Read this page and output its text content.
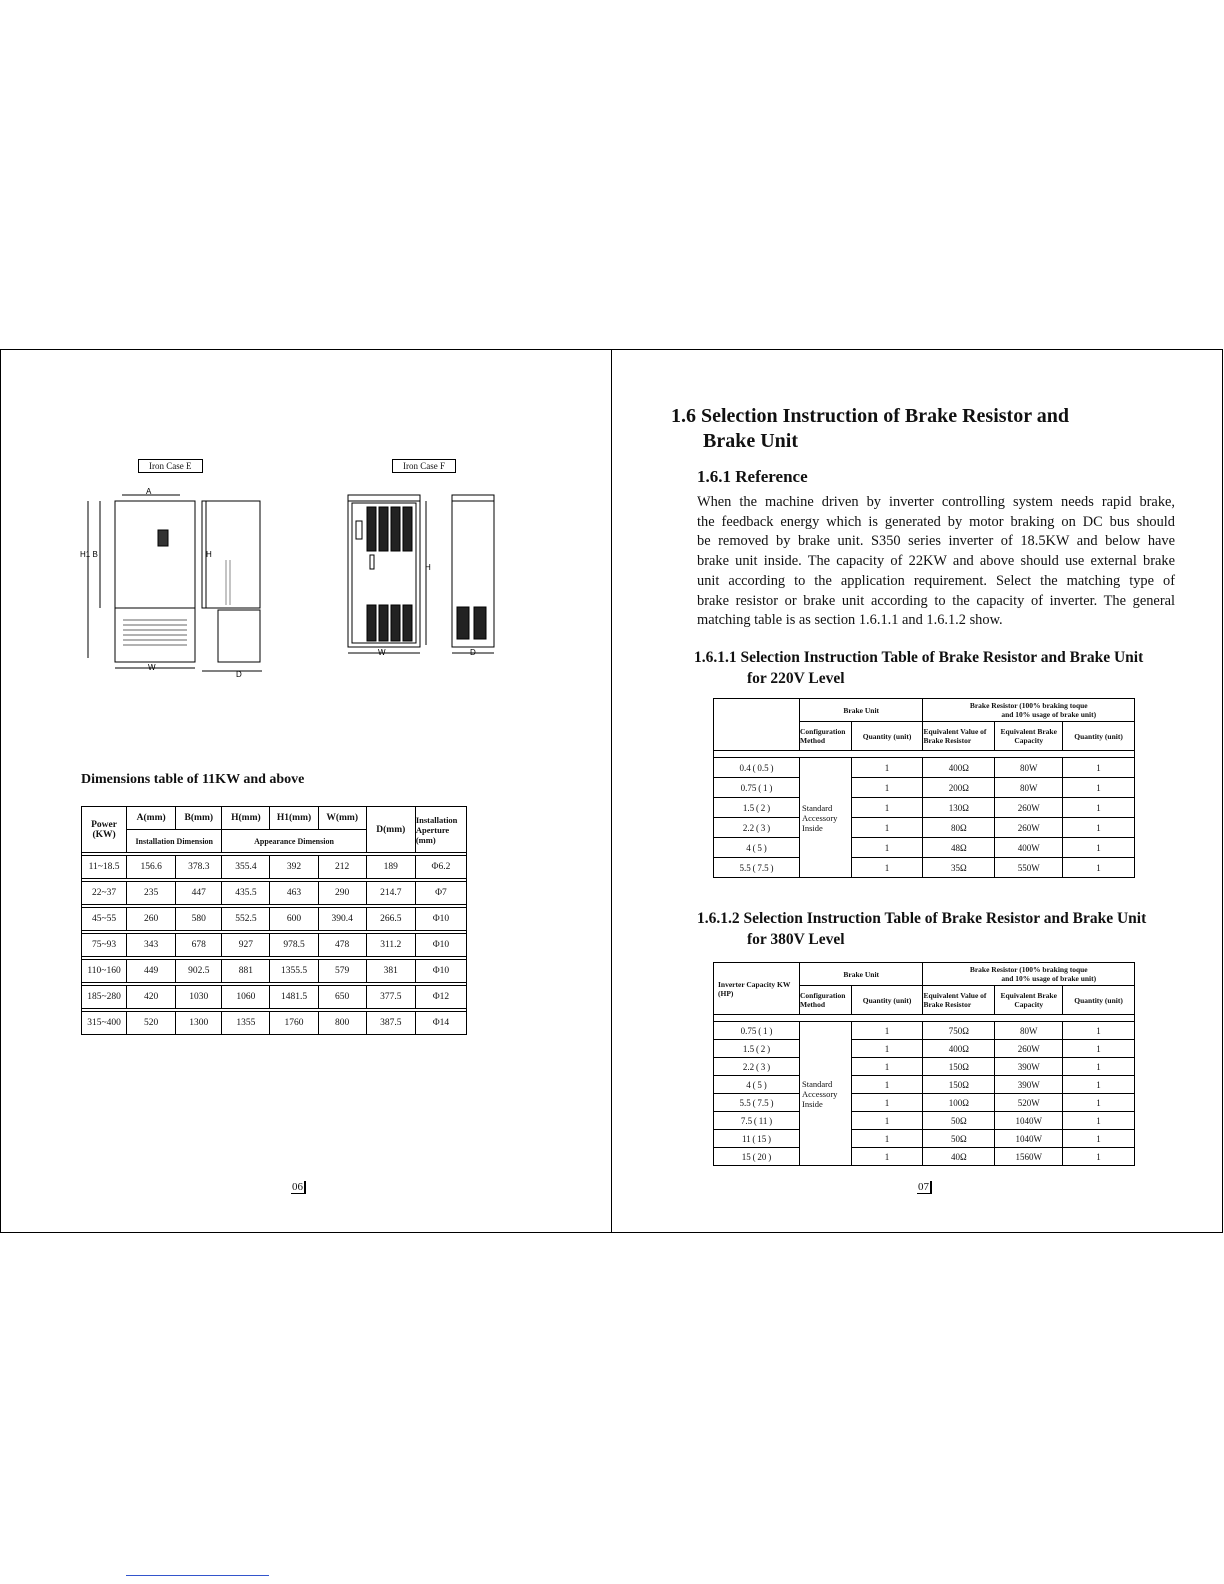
Iron Case E	Iron Case F
A
H1 B	H
W
D
H
W	D
Dimensions table of 11KW and above
Power (KW)	A(mm)	B(mm)	H(mm)	H1(mm)	W(mm)	D(mm)	Installation Aperture (mm)
	Installation Dimension		Appearance Dimension				

11~18.5	156.6	378.3	355.4	392	212	189	Φ6.2

22~37	235	447	435.5	463	290	214.7	Φ7

45~55	260	580	552.5	600	390.4	266.5	Φ10

75~93	343	678	927	978.5	478	311.2	Φ10

110~160	449	902.5	881	1355.5	579	381	Φ10

185~280	420	1030	1060	1481.5	650	377.5	Φ12

315~400	520	1300	1355	1760	800	387.5	Φ14
06
1.6 Selection Instruction of Brake Resistor and
Brake Unit
1.6.1 Reference
When the machine driven by inverter controlling system needs rapid brake,
the feedback energy which is generated by motor braking on DC bus should
be removed by brake unit. S350 series inverter of 18.5KW and below have
brake unit inside. The capacity of 22KW and above should use external brake
unit according to the application requirement. Select the matching type of
brake resistor or brake unit according to the capacity of inverter. The general
matching table is as section 1.6.1.1 and 1.6.1.2 show.
1.6.1.1 Selection Instruction Table of Brake Resistor and Brake Unit
for 220V Level
	Brake Unit		Brake Resistor (100% braking toque
and 10% usage of brake unit)		

	Configuration Method	Quantity (unit)	Equivalent Value of Brake Resistor	Equivalent Brake Capacity	Quantity (unit)

0.4 ( 0.5 )	Standard Accessory Inside	1	400Ω	80W	1
0.75 ( 1 )		1	200Ω	80W	1
1.5 ( 2 )		1	130Ω	260W	1
2.2 ( 3 )		1	80Ω	260W	1
4 ( 5 )		1	48Ω	400W	1
5.5 ( 7.5 )		1	35Ω	550W	1
1.6.1.2 Selection Instruction Table of Brake Resistor and Brake Unit
for 380V Level
Inverter Capacity KW (HP)	Brake Unit		Brake Resistor (100% braking toque
and 10% usage of brake unit)		

	Configuration Method	Quantity (unit)	Equivalent Value of Brake Resistor	Equivalent Brake Capacity	Quantity (unit)

0.75 ( 1 )	Standard Accessory Inside	1	750Ω	80W	1
1.5 ( 2 )		1	400Ω	260W	1
2.2 ( 3 )		1	150Ω	390W	1
4 ( 5 )		1	150Ω	390W	1
5.5 ( 7.5 )		1	100Ω	520W	1
7.5 ( 11 )		1	50Ω	1040W	1
11 ( 15 )		1	50Ω	1040W	1
15 ( 20 )		1	40Ω	1560W	1
07
